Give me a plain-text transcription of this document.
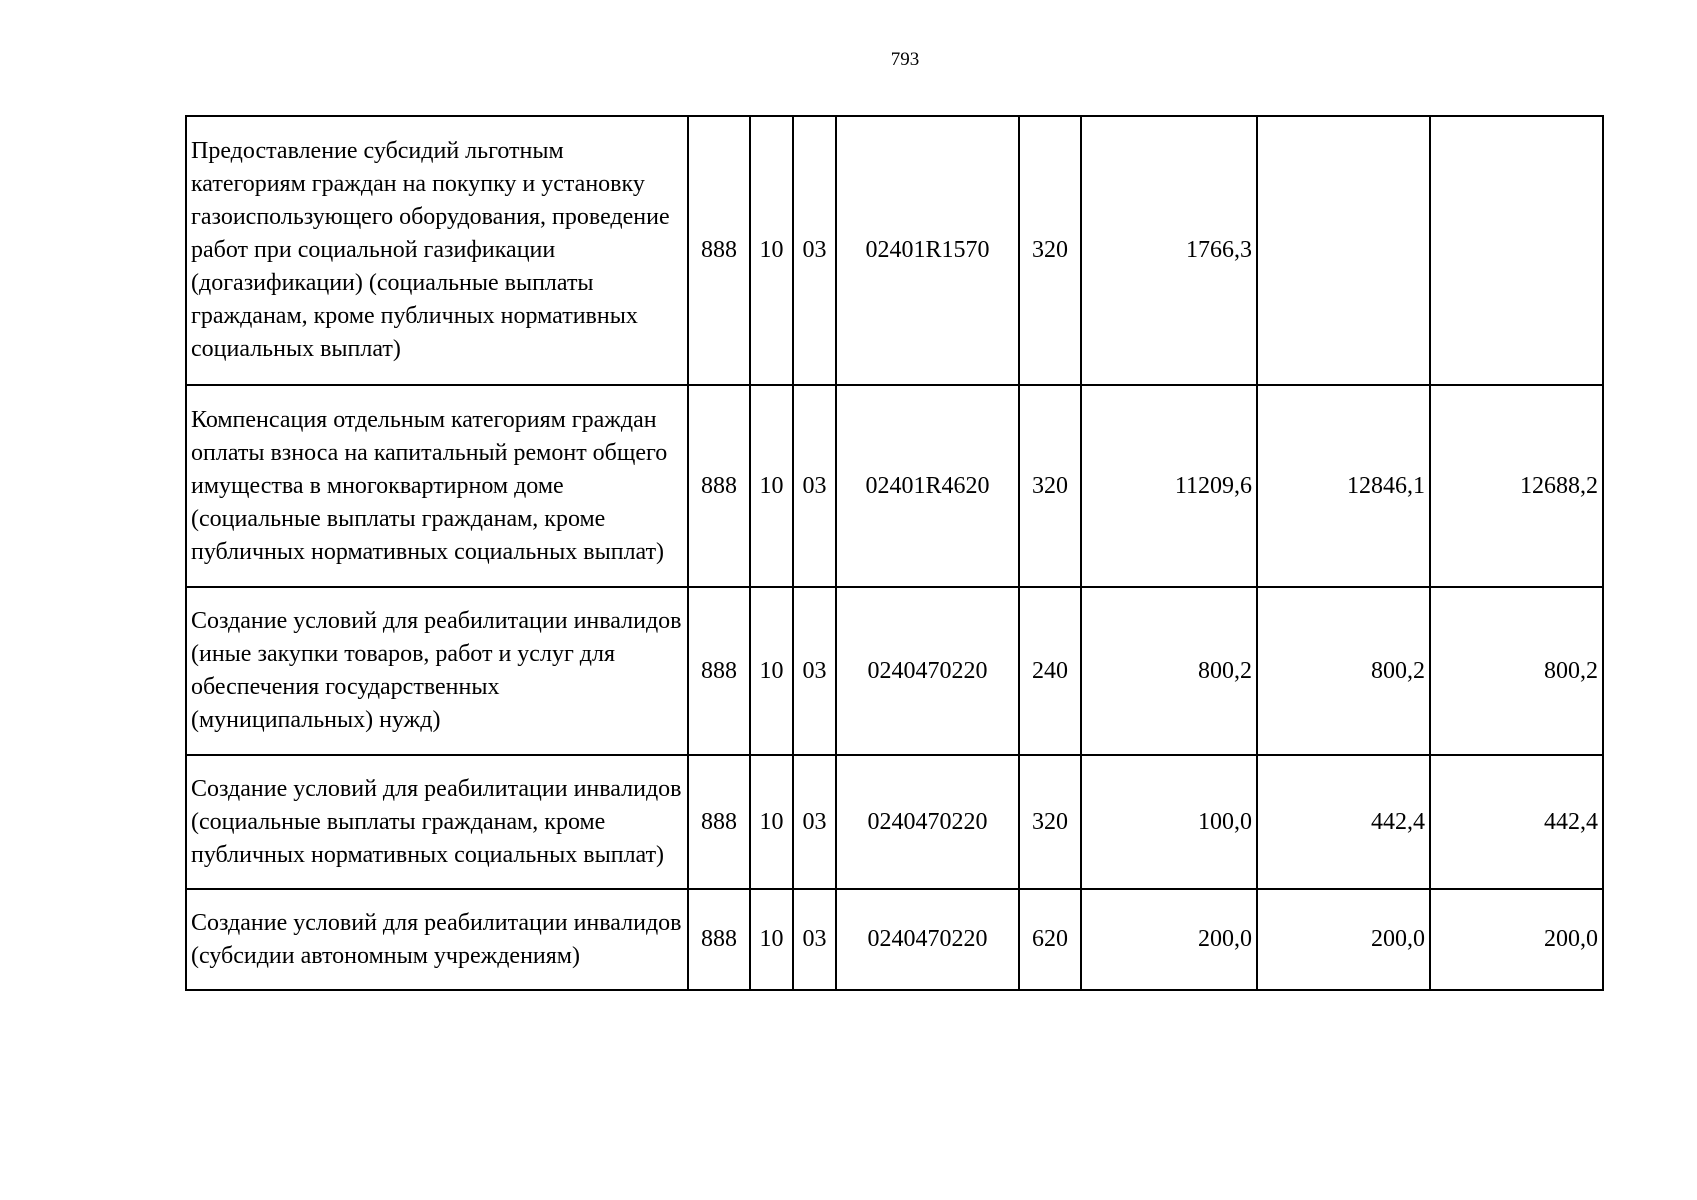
793
Предоставление субсидий льготным категориям граждан на покупку и установку газоиспользующего оборудования, проведение работ при социальной газификации (догазификации) (социальные выплаты гражданам, кроме публичных нормативных социальных выплат)	888	10	03	02401R1570	320	1766,3		
Компенсация отдельным категориям граждан оплаты взноса на капитальный ремонт общего имущества в многоквартирном доме (социальные выплаты гражданам, кроме публичных нормативных социальных выплат)	888	10	03	02401R4620	320	11209,6	12846,1	12688,2
Создание условий для реабилитации инвалидов (иные закупки товаров, работ и услуг для обеспечения государственных (муниципальных) нужд)	888	10	03	0240470220	240	800,2	800,2	800,2
Создание условий для реабилитации инвалидов (социальные выплаты гражданам, кроме публичных нормативных социальных выплат)	888	10	03	0240470220	320	100,0	442,4	442,4
Создание условий для реабилитации инвалидов (субсидии автономным учреждениям)	888	10	03	0240470220	620	200,0	200,0	200,0
